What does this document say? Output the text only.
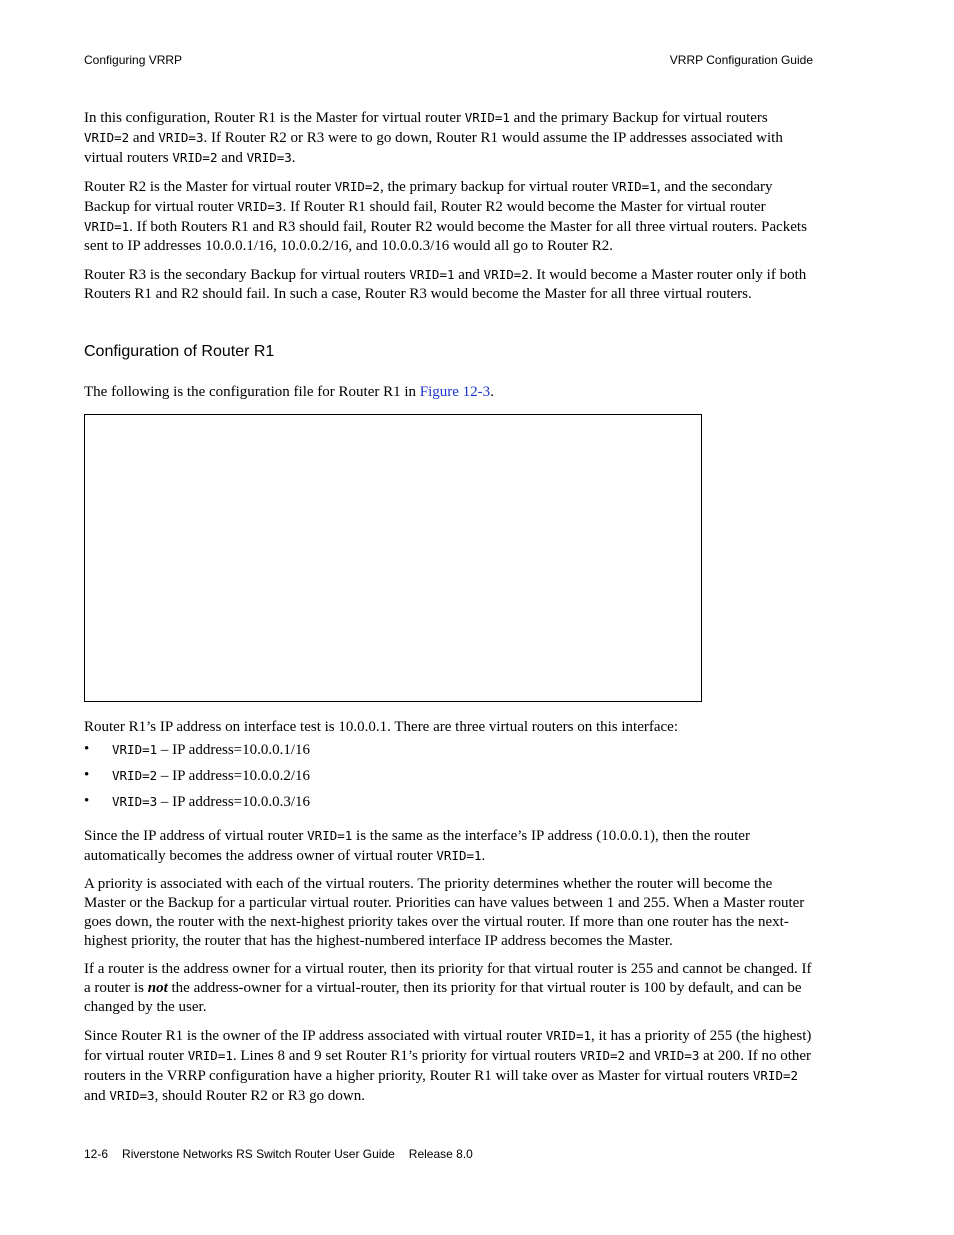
Configuring VRRP	VRRP Configuration Guide

In this configuration, Router R1 is the Master for virtual router VRID=1 and the primary Backup for virtual routers VRID=2 and VRID=3. If Router R2 or R3 were to go down, Router R1 would assume the IP addresses associated with virtual routers VRID=2 and VRID=3.

Router R2 is the Master for virtual router VRID=2, the primary backup for virtual router VRID=1, and the secondary Backup for virtual router VRID=3. If Router R1 should fail, Router R2 would become the Master for virtual router VRID=1. If both Routers R1 and R3 should fail, Router R2 would become the Master for all three virtual routers. Packets sent to IP addresses 10.0.0.1/16, 10.0.0.2/16, and 10.0.0.3/16 would all go to Router R2.

Router R3 is the secondary Backup for virtual routers VRID=1 and VRID=2. It would become a Master router only if both Routers R1 and R2 should fail. In such a case, Router R3 would become the Master for all three virtual routers.

Configuration of Router R1

The following is the configuration file for Router R1 in Figure 12-3.

Router R1’s IP address on interface test is 10.0.0.1. There are three virtual routers on this interface:

• VRID=1 – IP address=10.0.0.1/16
• VRID=2 – IP address=10.0.0.2/16
• VRID=3 – IP address=10.0.0.3/16

Since the IP address of virtual router VRID=1 is the same as the interface’s IP address (10.0.0.1), then the router automatically becomes the address owner of virtual router VRID=1.

A priority is associated with each of the virtual routers. The priority determines whether the router will become the Master or the Backup for a particular virtual router. Priorities can have values between 1 and 255. When a Master router goes down, the router with the next-highest priority takes over the virtual router. If more than one router has the next-highest priority, the router that has the highest-numbered interface IP address becomes the Master.

If a router is the address owner for a virtual router, then its priority for that virtual router is 255 and cannot be changed. If a router is not the address-owner for a virtual-router, then its priority for that virtual router is 100 by default, and can be changed by the user.

Since Router R1 is the owner of the IP address associated with virtual router VRID=1, it has a priority of 255 (the highest) for virtual router VRID=1. Lines 8 and 9 set Router R1’s priority for virtual routers VRID=2 and VRID=3 at 200. If no other routers in the VRRP configuration have a higher priority, Router R1 will take over as Master for virtual routers VRID=2 and VRID=3, should Router R2 or R3 go down.

12-6 Riverstone Networks RS Switch Router User Guide Release 8.0
